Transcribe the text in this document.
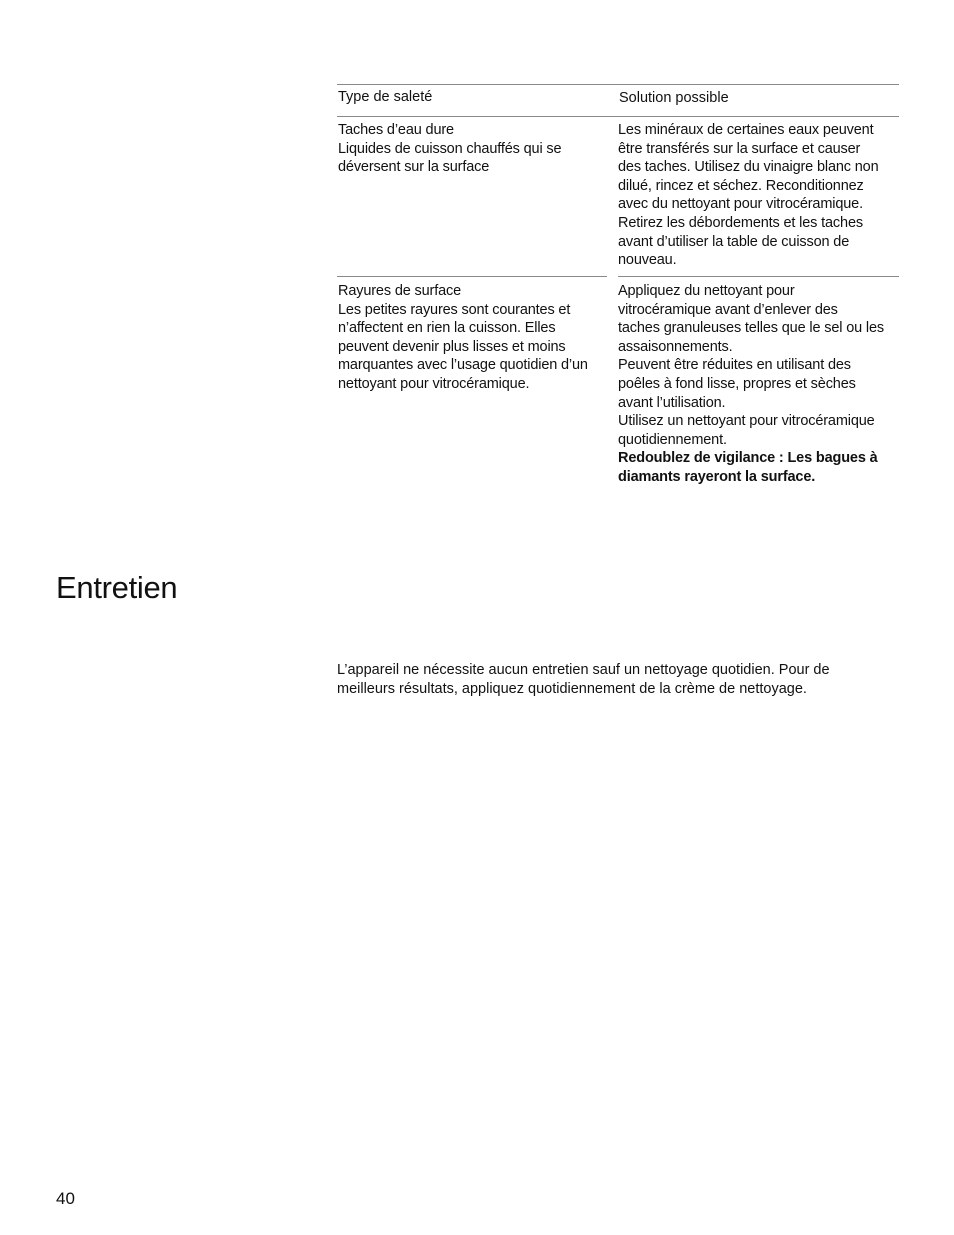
Type de saleté	Solution possible

Taches d’eau dure

Liquides de cuisson chauffés qui se

déversent sur la surface

Les minéraux de certaines eaux peuvent

être transférés sur la surface et causer

des taches. Utilisez du vinaigre blanc non

dilué, rincez et séchez. Reconditionnez

avec du nettoyant pour vitrocéramique.

Retirez les débordements et les taches

avant d’utiliser la table de cuisson de

nouveau.

Rayures de surface

Les petites rayures sont courantes et

n’affectent en rien la cuisson. Elles

peuvent devenir plus lisses et moins

marquantes avec l’usage quotidien d’un

nettoyant pour vitrocéramique.

Appliquez du nettoyant pour

vitrocéramique avant d’enlever des

taches granuleuses telles que le sel ou les

assaisonnements.

Peuvent être réduites en utilisant des

poêles à fond lisse, propres et sèches

avant l’utilisation.

Utilisez un nettoyant pour vitrocéramique

quotidiennement.

Redoublez de vigilance : Les bagues à

diamants rayeront la surface.

Entretien
L’appareil ne nécessite aucun entretien sauf un nettoyage quotidien. Pour de
meilleurs résultats, appliquez quotidiennement de la crème de nettoyage.
40
